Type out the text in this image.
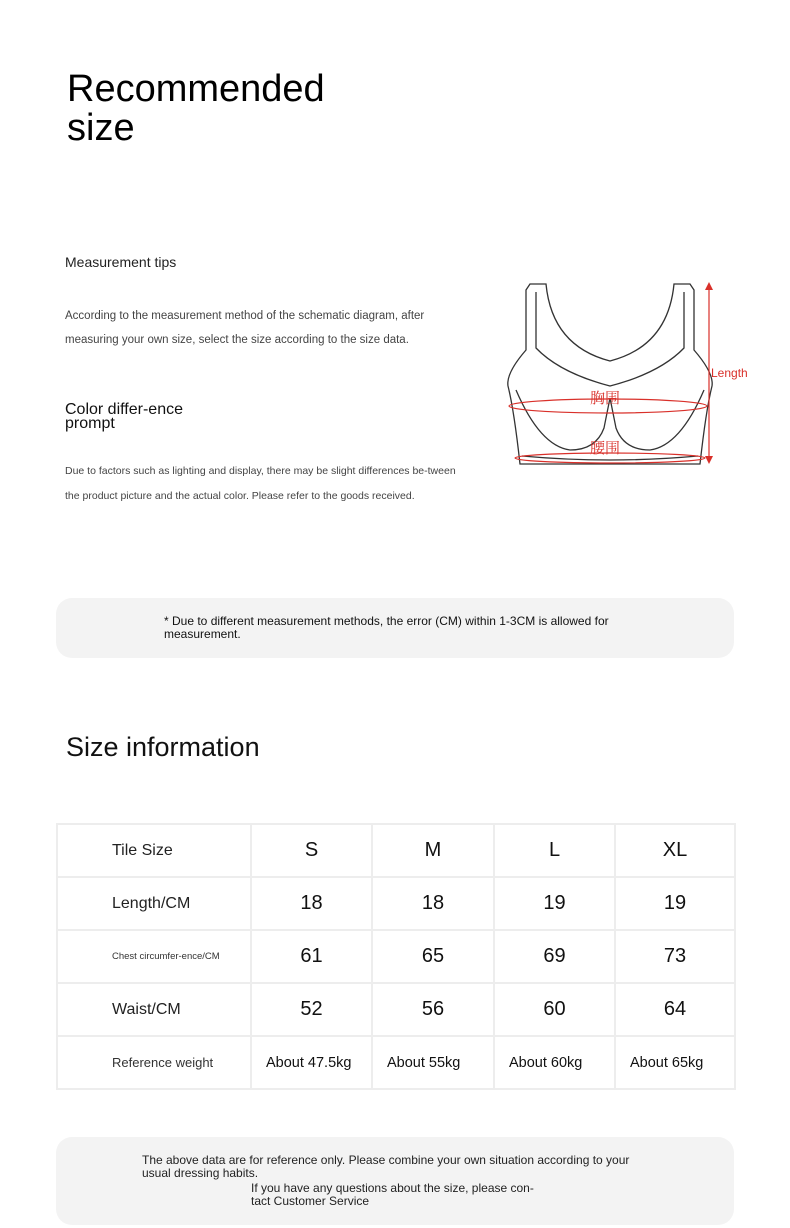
Recommended size
Measurement tips
According to the measurement method of the schematic diagram, after measuring your own size, select the size according to the size data.
Color differ-ence prompt
Due to factors such as lighting and display, there may be slight differences be-tween the product picture and the actual color. Please refer to the goods received.
Length
胸围
腰围
* Due to different measurement methods, the error (CM) within 1-3CM is allowed for measurement.
Size information
Tile Size	S	M	L	XL
Length/CM	18	18	19	19
Chest circumfer-ence/CM	61	65	69	73
Waist/CM	52	56	60	64
Reference weight	About 47.5kg	About 55kg	About 60kg	About 65kg
The above data are for reference only. Please combine your own situation according to your usual dressing habits.
If you have any questions about the size, please con-tact Customer Service
